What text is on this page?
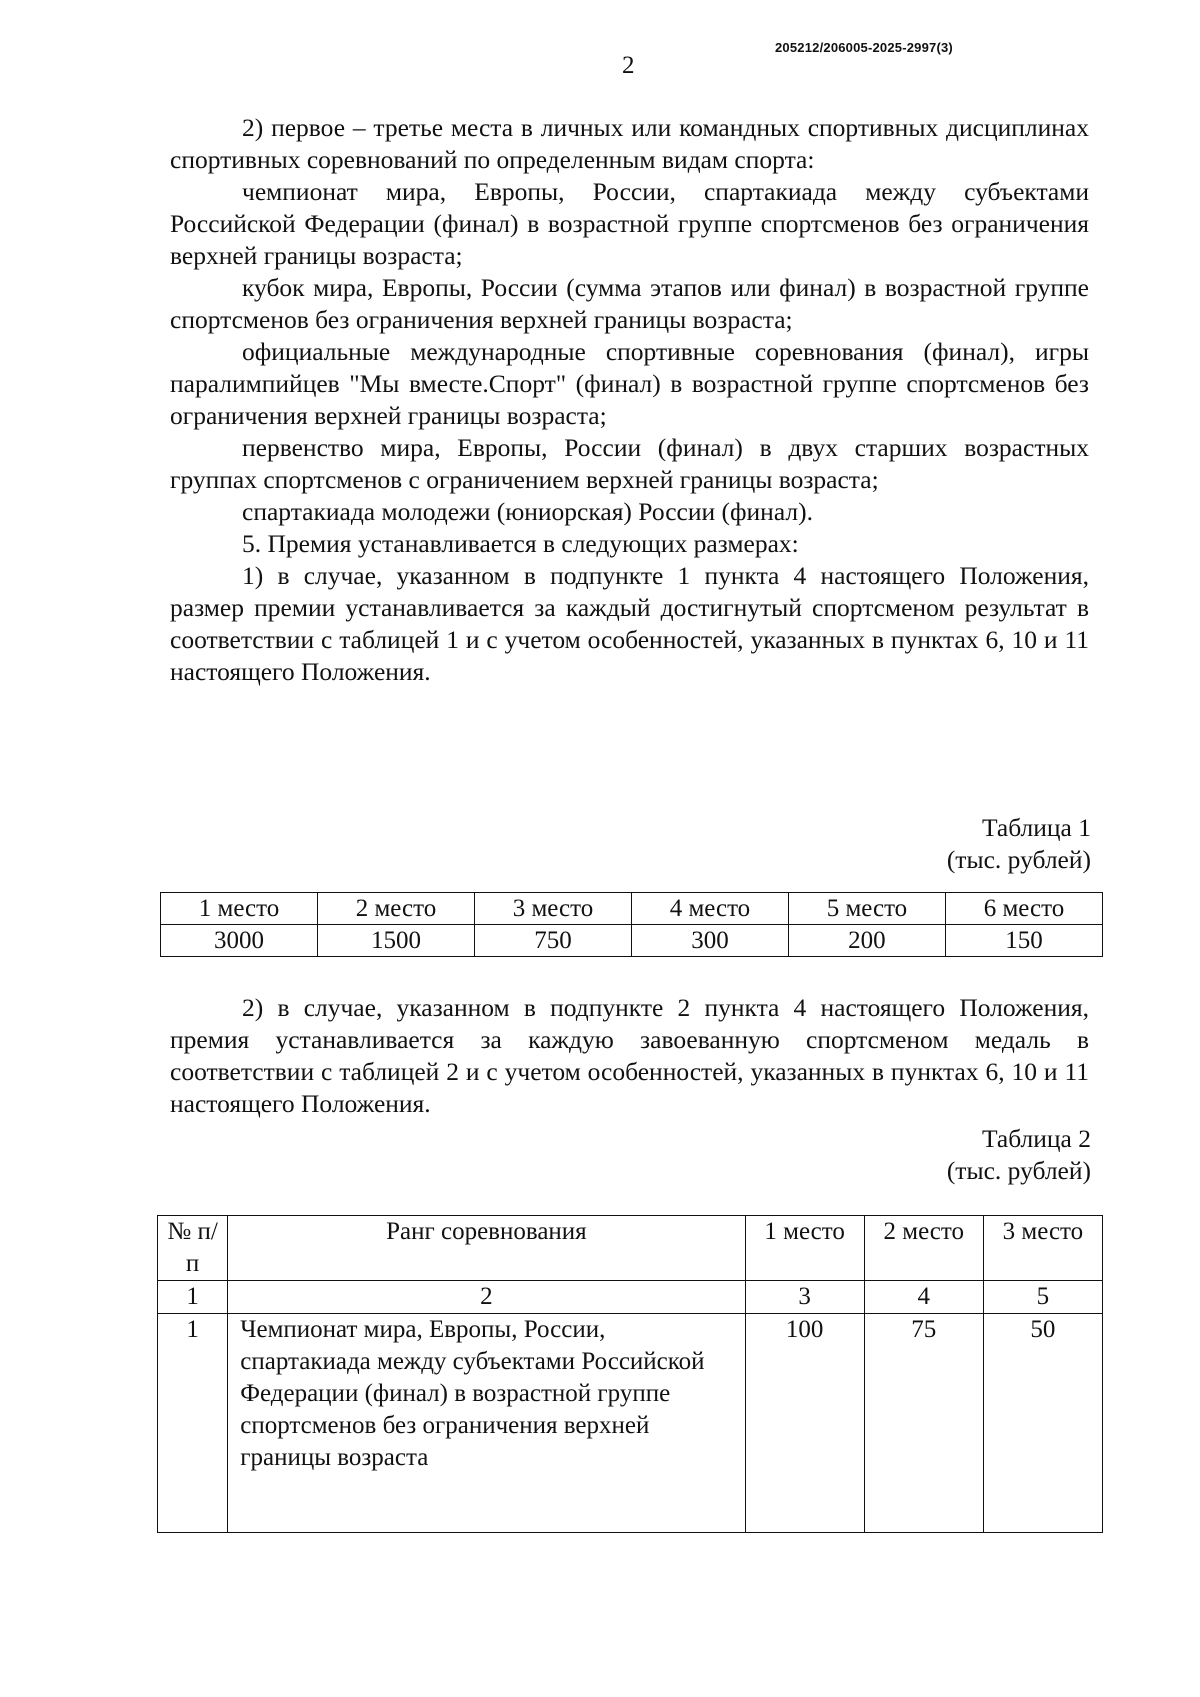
205212/206005-2025-2997(3)
2

2) первое – третье места в личных или командных спортивных дисциплинах спортивных соревнований по определенным видам спорта:

чемпионат мира, Европы, России, спартакиада между субъектами Российской Федерации (финал) в возрастной группе спортсменов без ограничения верхней границы возраста;

кубок мира, Европы, России (сумма этапов или финал) в возрастной группе спортсменов без ограничения верхней границы возраста;

официальные международные спортивные соревнования (финал), игры паралимпийцев "Мы вместе.Спорт" (финал) в возрастной группе спортсменов без ограничения верхней границы возраста;

первенство мира, Европы, России (финал) в двух старших возрастных группах спортсменов с ограничением верхней границы возраста;

спартакиада молодежи (юниорская) России (финал).

5. Премия устанавливается в следующих размерах:

1) в случае, указанном в подпункте 1 пункта 4 настоящего Положения, размер премии устанавливается за каждый достигнутый спортсменом результат в соответствии с таблицей 1 и с учетом особенностей, указанных в пунктах 6, 10 и 11 настоящего Положения.

Таблица 1
(тыс. рублей)
1 место	2 место	3 место	4 место	5 место	6 место
3000	1500	750	300	200	150

2) в случае, указанном в подпункте 2 пункта 4 настоящего Положения, премия устанавливается за каждую завоеванную спортсменом медаль в соответствии с таблицей 2 и с учетом особенностей, указанных в пунктах 6, 10 и 11 настоящего Положения.

Таблица 2
(тыс. рублей)
№ п/п	Ранг соревнования	1 место	2 место	3 место
1	2	3	4	5
1	Чемпионат мира, Европы, России, спартакиада между субъектами Российской Федерации (финал) в возрастной группе спортсменов без ограничения верхней границы возраста	100	75	50
